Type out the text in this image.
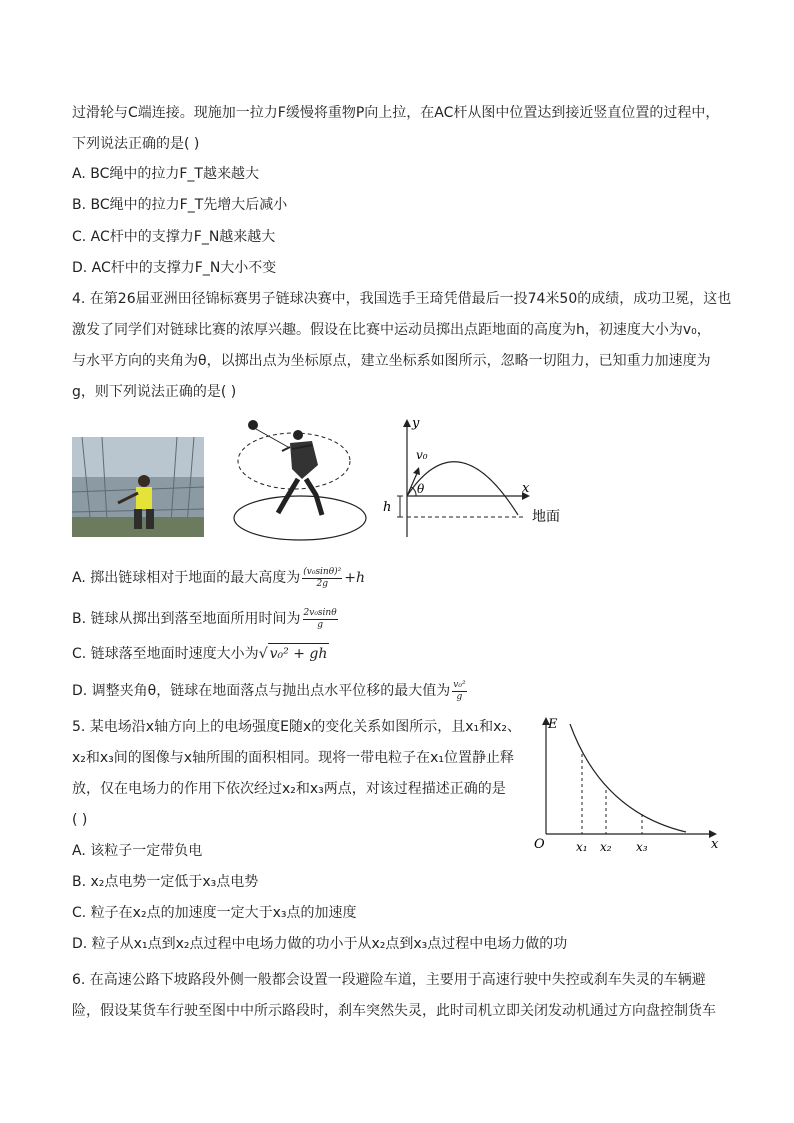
过滑轮与C端连接。现施加一拉力F缓慢将重物P向上拉，在AC杆从图中位置达到接近竖直位置的过程中，
下列说法正确的是( )
A. BC绳中的拉力F_T越来越大
B. BC绳中的拉力F_T先增大后减小
C. AC杆中的支撑力F_N越来越大
D. AC杆中的支撑力F_N大小不变
4. 在第26届亚洲田径锦标赛男子链球决赛中，我国选手王琦凭借最后一投74米50的成绩，成功卫冕，这也
激发了同学们对链球比赛的浓厚兴趣。假设在比赛中运动员掷出点距地面的高度为h，初速度大小为v₀，
与水平方向的夹角为θ，以掷出点为坐标原点，建立坐标系如图所示，忽略一切阻力，已知重力加速度为
g，则下列说法正确的是( )
y
x
v₀
θ
地面
h
A. 掷出链球相对于地面的最大高度为 $\frac{\text{(v₀sinθ)²}}{2g} +h$
B. 链球从掷出到落至地面所用时间为 $\frac{\text{2v₀sinθ}}{g}$
C. 链球落至地面时速度大小为√ v₀² + gh
D. 调整夹角θ，链球在地面落点与抛出点水平位移的最大值为 $\frac{\text{v₀²}}{g}$
5. 某电场沿x轴方向上的电场强度E随x的变化关系如图所示，且x₁和x₂、
x₂和x₃间的图像与x轴所围的面积相同。现将一带电粒子在x₁位置静止释
放，仅在电场力的作用下依次经过x₂和x₃两点，对该过程描述正确的是
( )
A. 该粒子一定带负电
B. x₂点电势一定低于x₃点电势
C. 粒子在x₂点的加速度一定大于x₃点的加速度
D. 粒子从x₁点到x₂点过程中电场力做的功小于从x₂点到x₃点过程中电场力做的功
E
x
O	x₁ x₂ x₃
6. 在高速公路下坡路段外侧一般都会设置一段避险车道，主要用于高速行驶中失控或刹车失灵的车辆避
险，假设某货车行驶至图中中所示路段时，刹车突然失灵，此时司机立即关闭发动机通过方向盘控制货车
